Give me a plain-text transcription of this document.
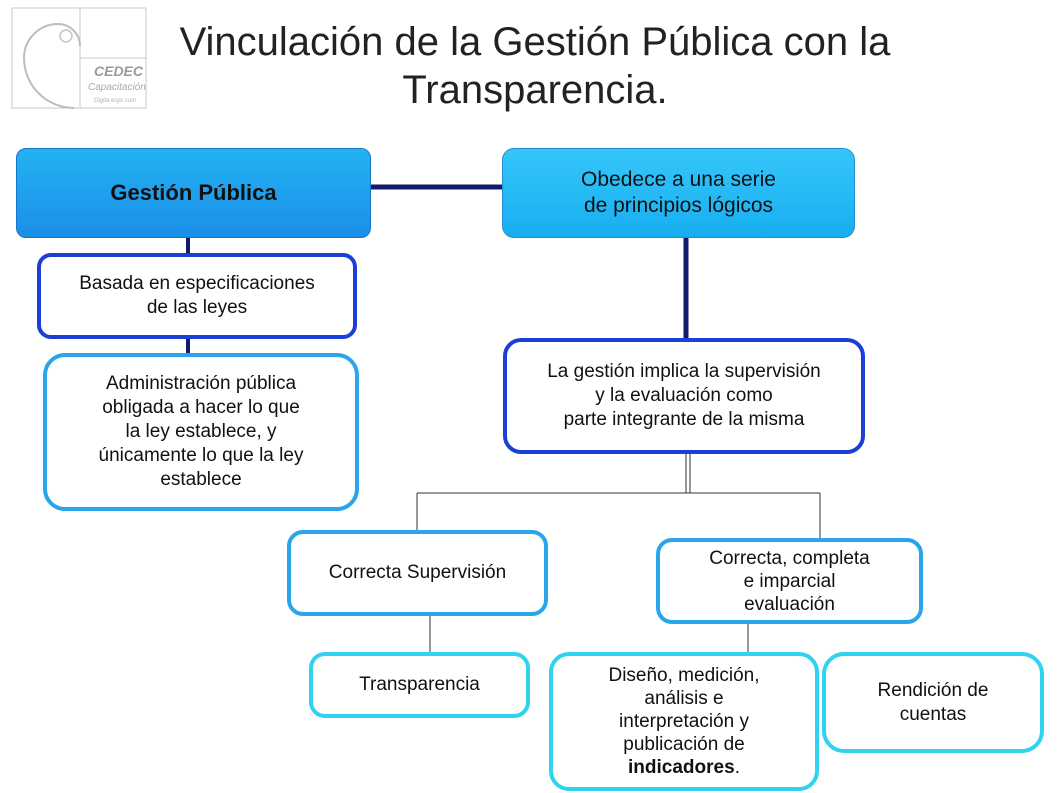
CEDEC
Capacitación
Digita ergo sum
Vinculación de la Gestión Pública con la
Transparencia.
Gestión Pública
Obedece a una serie
de principios lógicos
Basada en especificaciones
de las leyes
Administración pública
obligada a hacer lo que
la ley establece, y
únicamente lo que la ley
establece
La gestión implica la supervisión
y la evaluación como
parte integrante de la misma
Correcta Supervisión
Correcta, completa
e imparcial
evaluación
Transparencia	Diseño, medición,
análisis e
interpretación y
publicación de
indicadores.
Rendición de
cuentas
